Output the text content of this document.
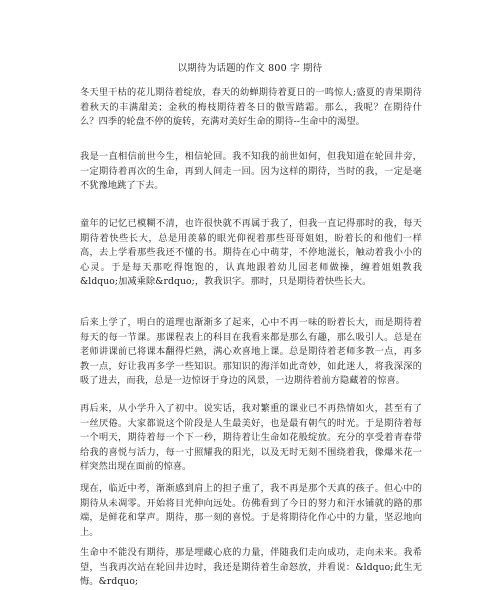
以期待为话题的作文 800 字 期待

冬天里干枯的花儿期待着绽放，春天的幼蝉期待着夏日的一鸣惊人;盛夏的青果期待着秋天的丰满甜美；金秋的梅枝期待着冬日的傲雪踏霜。那么，我呢？在期待什么？四季的轮盘不停的旋转，充满对美好生命的期待--生命中的渴望。

我是一直相信前世今生，相信轮回。我不知我的前世如何，但我知道在轮回井旁，一定期待着再次的生命，再到人间走一回。因为这样的期待，当时的我，一定是毫不犹豫地跳了下去。

童年的记忆已模糊不清，也许很快就不再属于我了，但我一直记得那时的我，每天期待着快些长大，总是用羡慕的眼光仰视着那些哥哥姐姐，盼着长的和他们一样高，去上学看那些我还不懂的书。期待在心中萌芽，不停地滋长，触动着我小小的心灵。于是每天那吃得饱饱的，认真地跟着幼儿园老师做操，缠着姐姐教我&ldquo;加减乘除&rdquo;，教我识字。那时，只是期待着快些长大。

后来上学了，明白的道理也渐渐多了起来，心中不再一味的盼着长大，而是期待着每天的每一节课。那课程表上的科目在我看来都是那么有趣，那么吸引人。总是在老师讲课前已将课本翻得烂熟，满心欢喜地上课。总是期待着老师多教一点，再多教一点，好让我再多学一些知识。那知识的海洋如此奇妙，如此迷人，将我深深的吸了进去，而我，总是一边惊讶于身边的风景，一边期待着前方隐藏着的惊喜。

再后来，从小学升入了初中。说实话，我对繁重的课业已不再热情如火，甚至有了一丝厌倦。大家都说这个阶段是人生最美好，也是最有朝气的时光。于是期待着每一个明天，期待着每一个下一秒，期待着让生命如花般绽放。充分的享受着青春带给我的喜悦与活力，每一寸照耀我的阳光，以及无时无刻不围绕着我，像爆米花一样突然出现在面前的惊喜。

现在，临近中考，渐渐感到肩上的担子重了，我不再是那个天真的孩子。但心中的期待从未凋零。开始将目光伸向远处。仿佛看到了今日的努力和汗水铺就的路的那端，是鲜花和掌声。期待，那一刻的喜悦。于是将期待化作心中的力量，坚忍地向上。

生命中不能没有期待，那是埋藏心底的力量，伴随我们走向成功，走向未来。我希望，当我再次站在轮回井边时，我还是期待着生命怒放，并看说：&ldquo;此生无悔。&rdquo;
